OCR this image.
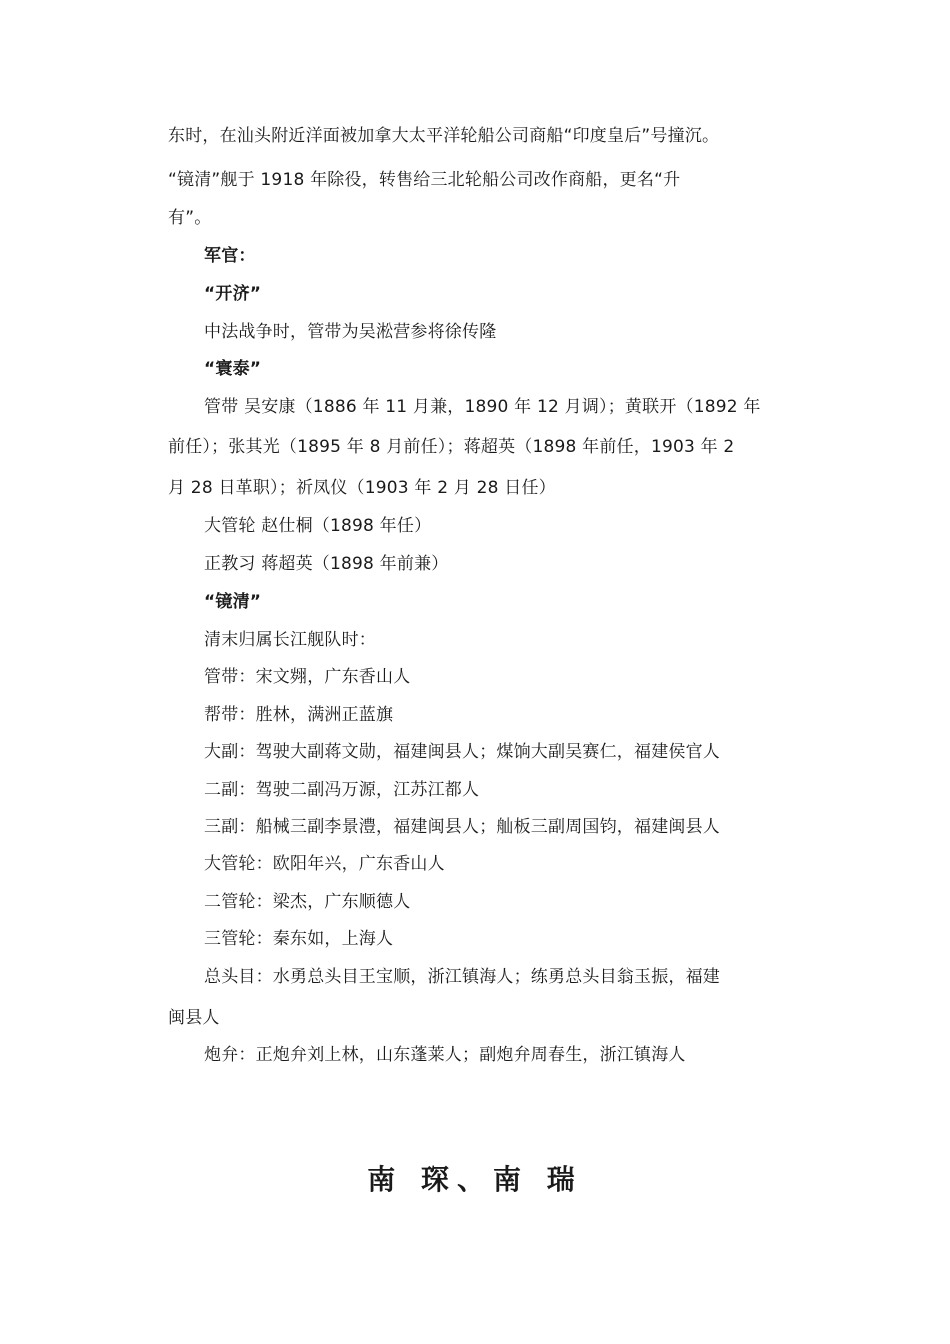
东时，在汕头附近洋面被加拿大太平洋轮船公司商船“印度皇后”号撞沉。
“镜清”舰于 1918 年除役，转售给三北轮船公司改作商船，更名“升
有”。
军官：
“开济”
中法战争时，管带为吴淞营参将徐传隆
“寰泰”
管带 吴安康（1886 年 11 月兼，1890 年 12 月调）；黄联开（1892 年
前任）；张其光（1895 年 8 月前任）；蒋超英（1898 年前任，1903 年 2
月 28 日革职）；祈凤仪（1903 年 2 月 28 日任）
大管轮 赵仕桐（1898 年任）
正教习 蒋超英（1898 年前兼）
“镜清”
清末归属长江舰队时：
管带：宋文翙，广东香山人
帮带：胜林，满洲正蓝旗
大副：驾驶大副蒋文勋，福建闽县人；煤饷大副吴赛仁，福建侯官人
二副：驾驶二副冯万源，江苏江都人
三副：船械三副李景澧，福建闽县人；舢板三副周国钧，福建闽县人
大管轮：欧阳年兴，广东香山人
二管轮：梁杰，广东顺德人
三管轮：秦东如，上海人
总头目：水勇总头目王宝顺，浙江镇海人；练勇总头目翁玉振，福建
闽县人
炮弁：正炮弁刘上林，山东蓬莱人；副炮弁周春生，浙江镇海人
南 琛、南 瑞
